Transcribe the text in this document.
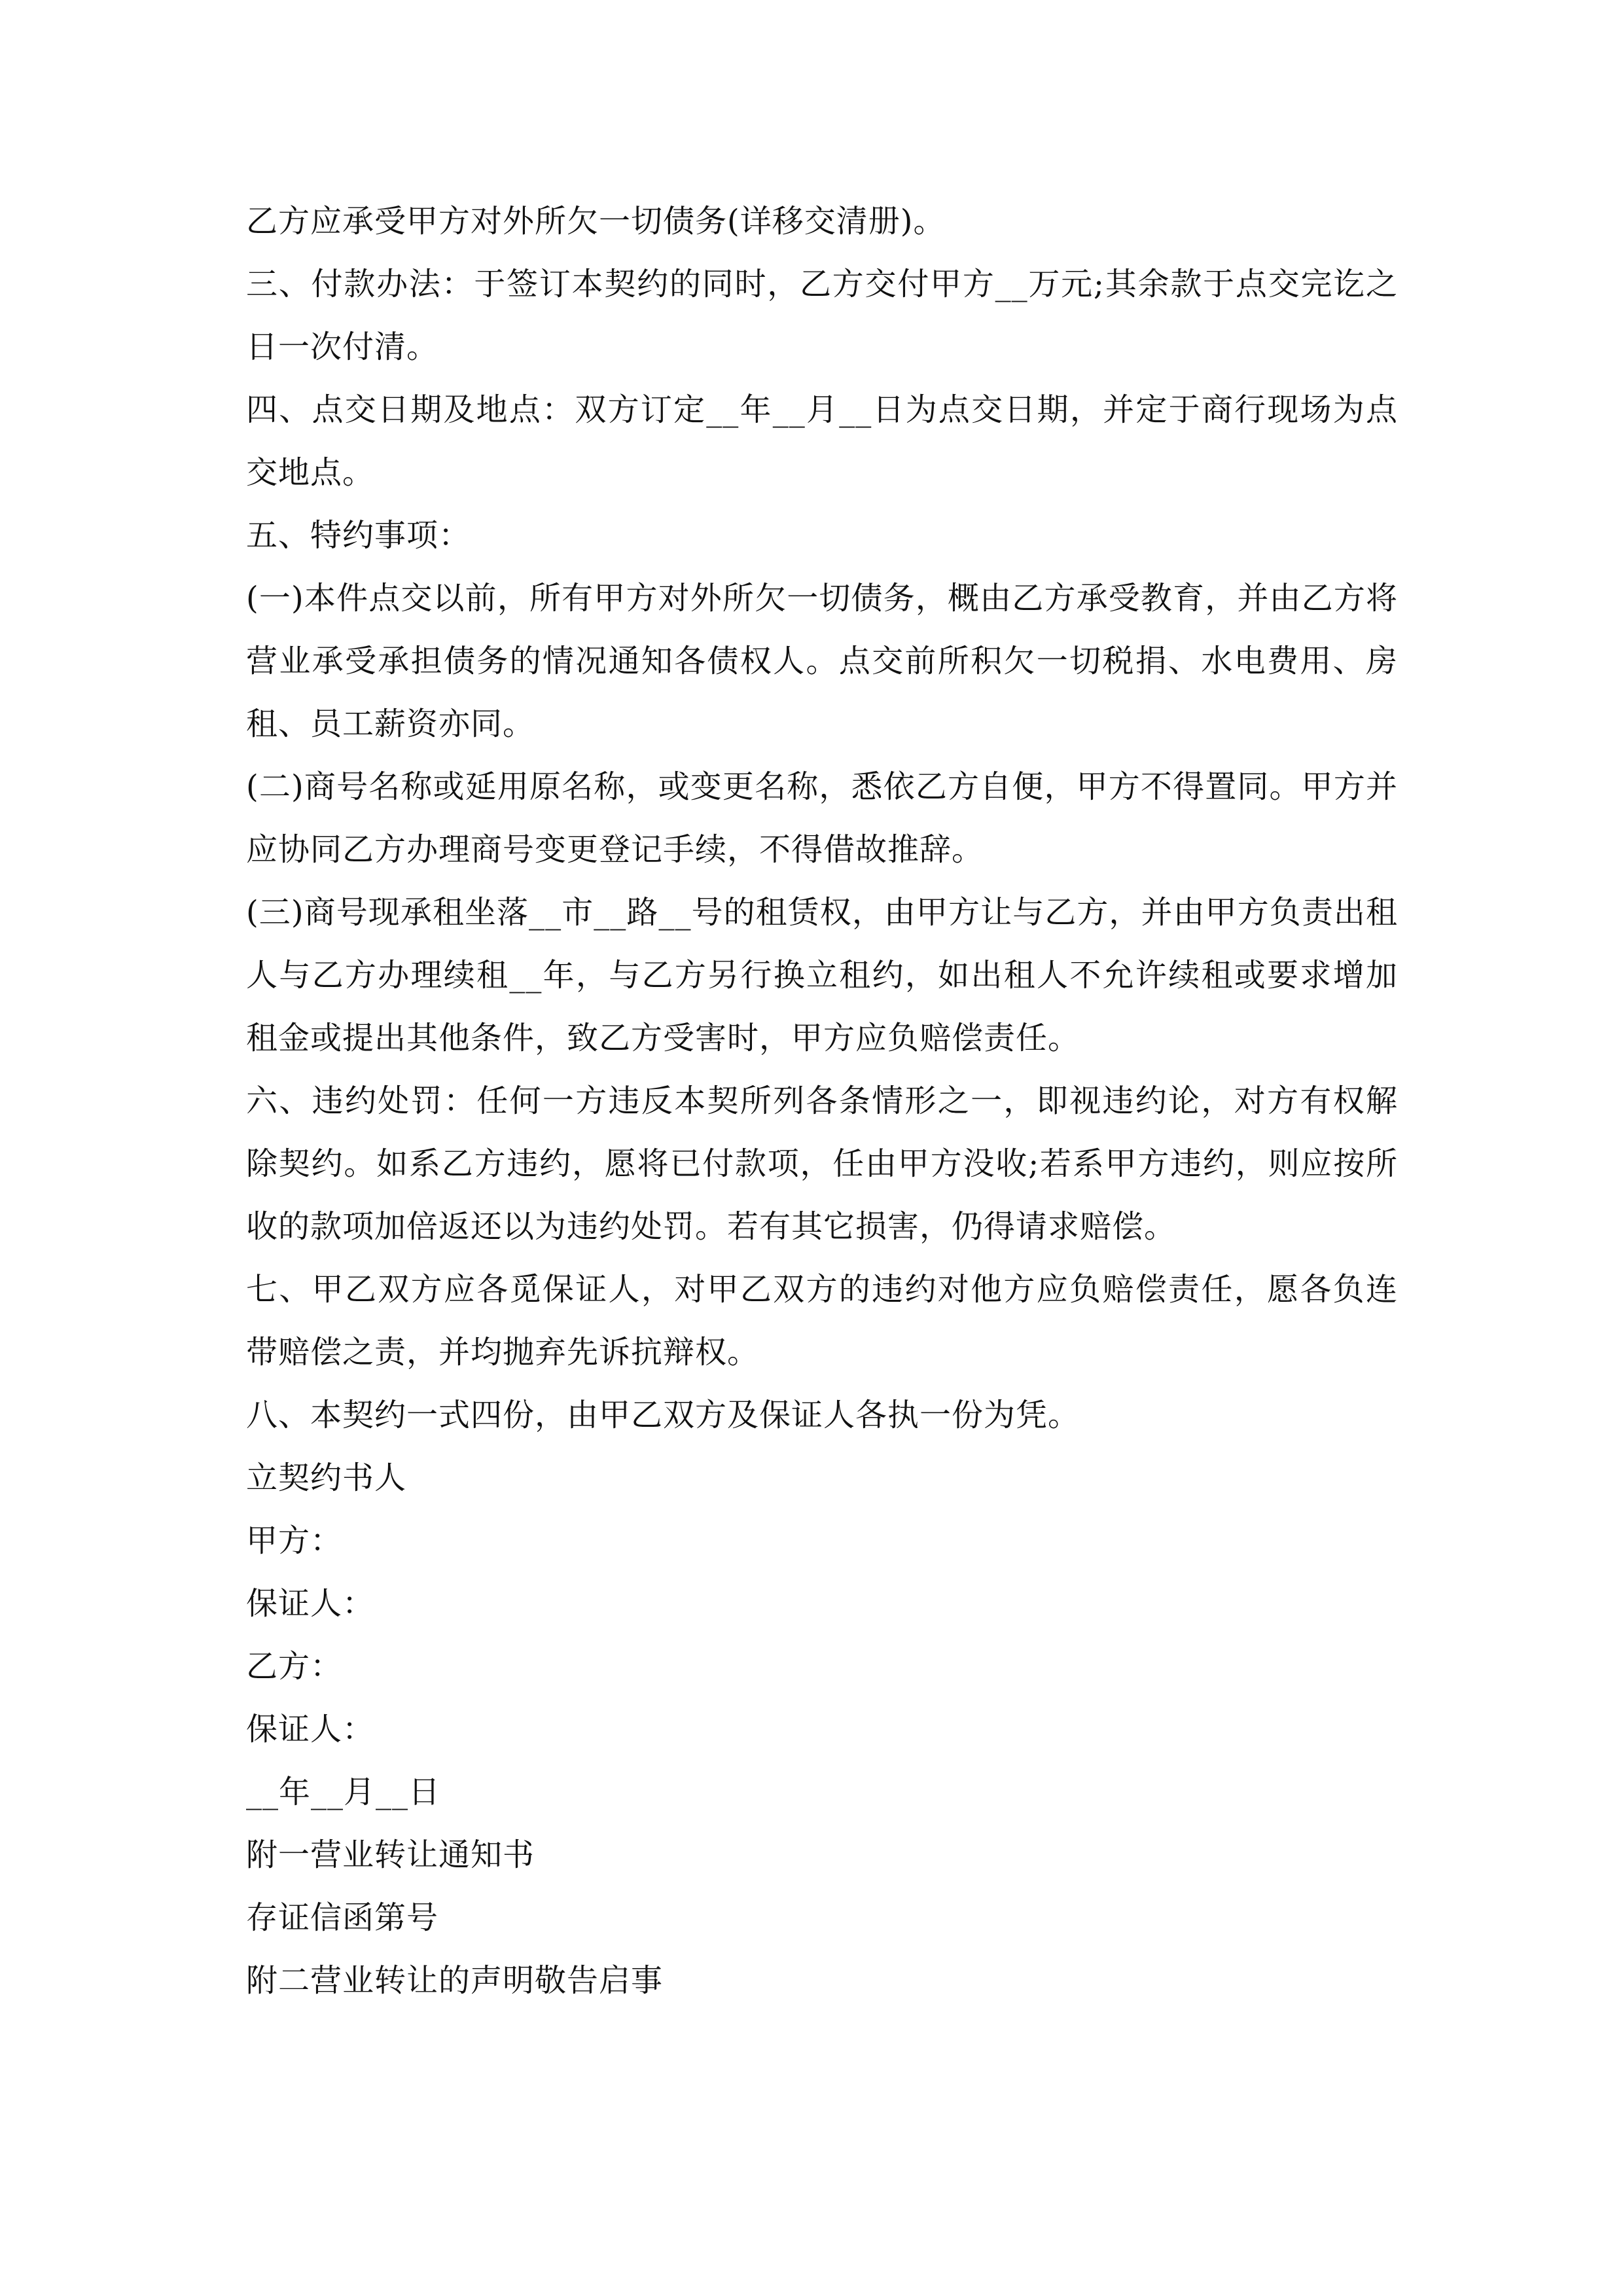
乙方应承受甲方对外所欠一切债务(详移交清册)。

三、付款办法：于签订本契约的同时，乙方交付甲方__万元;其余款于点交完讫之日一次付清。

四、点交日期及地点：双方订定__年__月__日为点交日期，并定于商行现场为点交地点。

五、特约事项：

(一)本件点交以前，所有甲方对外所欠一切债务，概由乙方承受教育，并由乙方将营业承受承担债务的情况通知各债权人。点交前所积欠一切税捐、水电费用、房租、员工薪资亦同。

(二)商号名称或延用原名称，或变更名称，悉依乙方自便，甲方不得置同。甲方并应协同乙方办理商号变更登记手续，不得借故推辞。

(三)商号现承租坐落__市__路__号的租赁权，由甲方让与乙方，并由甲方负责出租人与乙方办理续租__年，与乙方另行换立租约，如出租人不允许续租或要求增加租金或提出其他条件，致乙方受害时，甲方应负赔偿责任。

六、违约处罚：任何一方违反本契所列各条情形之一，即视违约论，对方有权解除契约。如系乙方违约，愿将已付款项，任由甲方没收;若系甲方违约，则应按所收的款项加倍返还以为违约处罚。若有其它损害，仍得请求赔偿。

七、甲乙双方应各觅保证人，对甲乙双方的违约对他方应负赔偿责任，愿各负连带赔偿之责，并均抛弃先诉抗辩权。

八、本契约一式四份，由甲乙双方及保证人各执一份为凭。

立契约书人

甲方：

保证人：

乙方：

保证人：

__年__月__日

附一营业转让通知书

存证信函第号

附二营业转让的声明敬告启事
